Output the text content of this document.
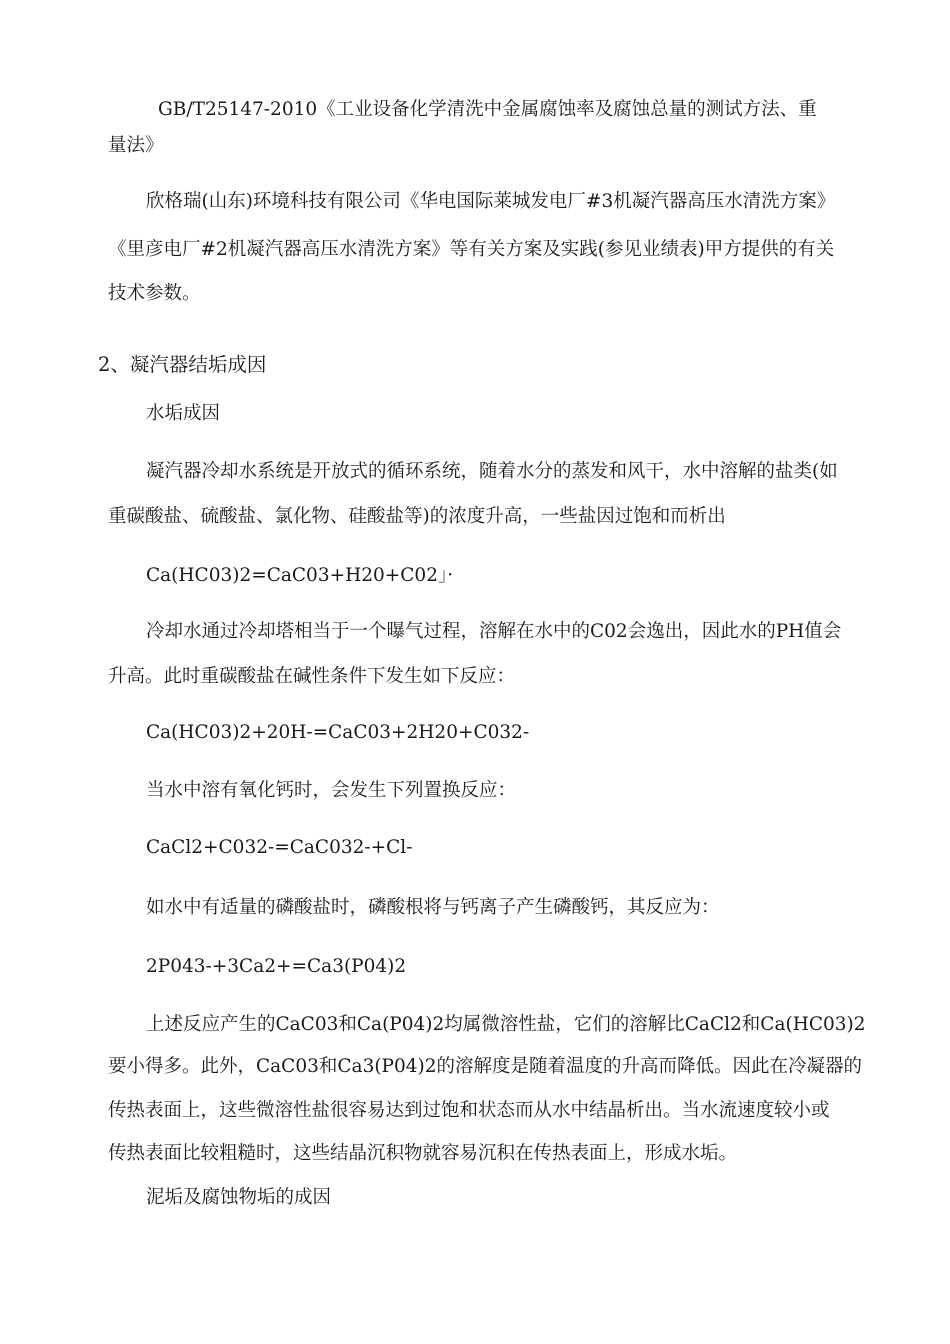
GB/T25147-2010《工业设备化学清洗中金属腐蚀率及腐蚀总量的测试方法、重
量法》
欣格瑞(山东)环境科技有限公司《华电国际莱城发电厂#3机凝汽器高压水清洗方案》
《里彦电厂#2机凝汽器高压水清洗方案》等有关方案及实践(参见业绩表)甲方提供的有关
技术参数。
2、凝汽器结垢成因
水垢成因
凝汽器冷却水系统是开放式的循环系统，随着水分的蒸发和风干，水中溶解的盐类(如
重碳酸盐、硫酸盐、氯化物、硅酸盐等)的浓度升高，一些盐因过饱和而析出
Ca(HC03)2=CaC03+H20+C02」·
冷却水通过冷却塔相当于一个曝气过程，溶解在水中的C02会逸出，因此水的PH值会
升高。此时重碳酸盐在碱性条件下发生如下反应：
Ca(HC03)2+20H-=CaC03+2H20+C032-
当水中溶有氧化钙时，会发生下列置换反应：
CaCl2+C032-=CaC032-+Cl-
如水中有适量的磷酸盐时，磷酸根将与钙离子产生磷酸钙，其反应为：
2P043-+3Ca2+=Ca3(P04)2
上述反应产生的CaC03和Ca(P04)2均属微溶性盐，它们的溶解比CaCl2和Ca(HC03)2
要小得多。此外，CaC03和Ca3(P04)2的溶解度是随着温度的升高而降低。因此在冷凝器的
传热表面上，这些微溶性盐很容易达到过饱和状态而从水中结晶析出。当水流速度较小或
传热表面比较粗糙时，这些结晶沉积物就容易沉积在传热表面上，形成水垢。
泥垢及腐蚀物垢的成因
